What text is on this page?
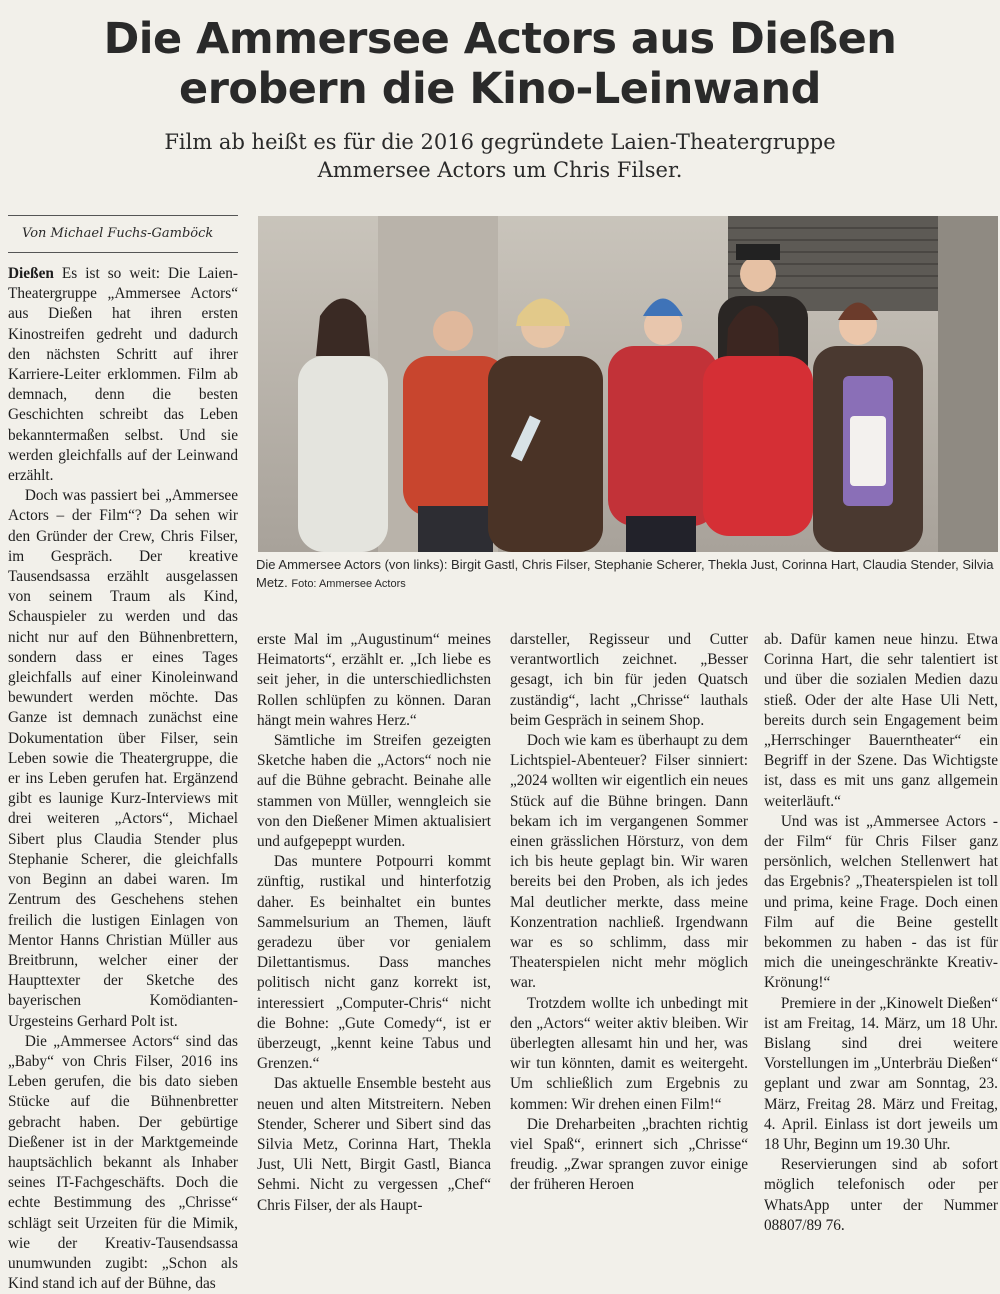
Die Ammersee Actors aus Dießen
erobern die Kino-Leinwand
Film ab heißt es für die 2016 gegründete Laien-Theatergruppe
Ammersee Actors um Chris Filser.
Von Michael Fuchs-Gamböck

Dießen Es ist so weit: Die Laien-Theatergruppe „Ammersee Actors“ aus Dießen hat ihren ersten Kinostreifen gedreht und dadurch den nächsten Schritt auf ihrer Karriere-Leiter erklommen. Film ab demnach, denn die besten Geschichten schreibt das Leben bekanntermaßen selbst. Und sie werden gleichfalls auf der Leinwand erzählt.

Doch was passiert bei „Ammersee Actors – der Film“? Da sehen wir den Gründer der Crew, Chris Filser, im Gespräch. Der kreative Tausendsassa erzählt ausgelassen von seinem Traum als Kind, Schauspieler zu werden und das nicht nur auf den Bühnenbrettern, sondern dass er eines Tages gleichfalls auf einer Kinoleinwand bewundert werden möchte. Das Ganze ist demnach zunächst eine Dokumentation über Filser, sein Leben sowie die Theatergruppe, die er ins Leben gerufen hat. Ergänzend gibt es launige Kurz-Interviews mit drei weiteren „Actors“, Michael Sibert plus Claudia Stender plus Stephanie Scherer, die gleichfalls von Beginn an dabei waren. Im Zentrum des Geschehens stehen freilich die lustigen Einlagen von Mentor Hanns Christian Müller aus Breitbrunn, welcher einer der Haupttexter der Sketche des bayerischen Komödianten-Urgesteins Gerhard Polt ist.

Die „Ammersee Actors“ sind das „Baby“ von Chris Filser, 2016 ins Leben gerufen, die bis dato sieben Stücke auf die Bühnenbretter gebracht haben. Der gebürtige Dießener ist in der Marktgemeinde hauptsächlich bekannt als Inhaber seines IT-Fachgeschäfts. Doch die echte Bestimmung des „Chrisse“ schlägt seit Urzeiten für die Mimik, wie der Kreativ-Tausendsassa unumwunden zugibt: „Schon als Kind stand ich auf der Bühne, das

Die Ammersee Actors (von links): Birgit Gastl, Chris Filser, Stephanie Scherer, Thekla Just, Corinna Hart, Claudia Stender, Silvia Metz. Foto: Ammersee Actors

erste Mal im „Augustinum“ meines Heimatorts“, erzählt er. „Ich liebe es seit jeher, in die unterschiedlichsten Rollen schlüpfen zu können. Daran hängt mein wahres Herz.“

Sämtliche im Streifen gezeigten Sketche haben die „Actors“ noch nie auf die Bühne gebracht. Beinahe alle stammen von Müller, wenngleich sie von den Dießener Mimen aktualisiert und aufgepeppt wurden.

Das muntere Potpourri kommt zünftig, rustikal und hinterfotzig daher. Es beinhaltet ein buntes Sammelsurium an Themen, läuft geradezu über vor genialem Dilettantismus. Dass manches politisch nicht ganz korrekt ist, interessiert „Computer-Chris“ nicht die Bohne: „Gute Comedy“, ist er überzeugt, „kennt keine Tabus und Grenzen.“

Das aktuelle Ensemble besteht aus neuen und alten Mitstreitern. Neben Stender, Scherer und Sibert sind das Silvia Metz, Corinna Hart, Thekla Just, Uli Nett, Birgit Gastl, Bianca Sehmi. Nicht zu vergessen „Chef“ Chris Filser, der als Haupt-

darsteller, Regisseur und Cutter verantwortlich zeichnet. „Besser gesagt, ich bin für jeden Quatsch zuständig“, lacht „Chrisse“ lauthals beim Gespräch in seinem Shop.

Doch wie kam es überhaupt zu dem Lichtspiel-Abenteuer? Filser sinniert: „2024 wollten wir eigentlich ein neues Stück auf die Bühne bringen. Dann bekam ich im vergangenen Sommer einen grässlichen Hörsturz, von dem ich bis heute geplagt bin. Wir waren bereits bei den Proben, als ich jedes Mal deutlicher merkte, dass meine Konzentration nachließ. Irgendwann war es so schlimm, dass mir Theaterspielen nicht mehr möglich war.

Trotzdem wollte ich unbedingt mit den „Actors“ weiter aktiv bleiben. Wir überlegten allesamt hin und her, was wir tun könnten, damit es weitergeht. Um schließlich zum Ergebnis zu kommen: Wir drehen einen Film!“

Die Dreharbeiten „brachten richtig viel Spaß“, erinnert sich „Chrisse“ freudig. „Zwar sprangen zuvor einige der früheren Heroen

ab. Dafür kamen neue hinzu. Etwa Corinna Hart, die sehr talentiert ist und über die sozialen Medien dazu stieß. Oder der alte Hase Uli Nett, bereits durch sein Engagement beim „Herrschinger Bauerntheater“ ein Begriff in der Szene. Das Wichtigste ist, dass es mit uns ganz allgemein weiterläuft.“

Und was ist „Ammersee Actors - der Film“ für Chris Filser ganz persönlich, welchen Stellenwert hat das Ergebnis? „Theaterspielen ist toll und prima, keine Frage. Doch einen Film auf die Beine gestellt bekommen zu haben - das ist für mich die uneingeschränkte Kreativ-Krönung!“

Premiere in der „Kinowelt Dießen“ ist am Freitag, 14. März, um 18 Uhr. Bislang sind drei weitere Vorstellungen im „Unterbräu Dießen“ geplant und zwar am Sonntag, 23. März, Freitag 28. März und Freitag, 4. April. Einlass ist dort jeweils um 18 Uhr, Beginn um 19.30 Uhr.

Reservierungen sind ab sofort möglich telefonisch oder per WhatsApp unter der Nummer 08807/89 76.
